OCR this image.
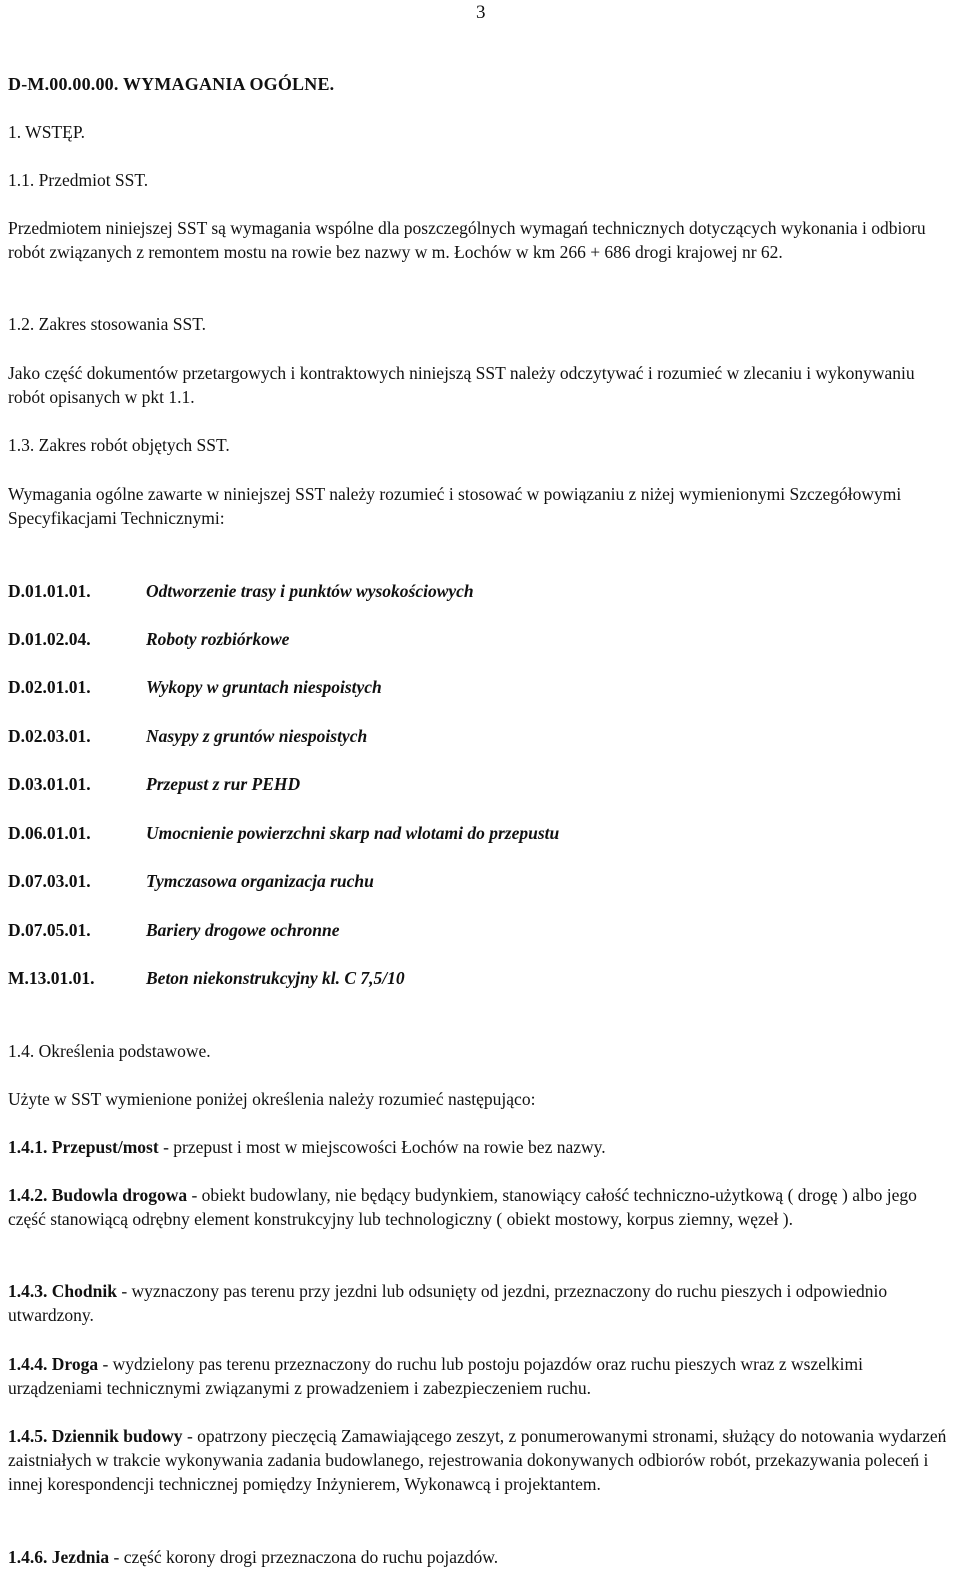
3
D-M.00.00.00. WYMAGANIA OGÓLNE.
1. WSTĘP.
1.1. Przedmiot SST.
Przedmiotem niniejszej SST są wymagania wspólne dla poszczególnych wymagań technicznych dotyczących wykonania i odbioru robót związanych z remontem mostu na rowie bez nazwy w m. Łochów w km 266 + 686 drogi krajowej nr 62.
1.2. Zakres stosowania SST.
Jako część dokumentów przetargowych i kontraktowych niniejszą SST należy odczytywać i rozumieć w zlecaniu i wykonywaniu robót opisanych w pkt 1.1.
1.3. Zakres robót objętych SST.
Wymagania ogólne zawarte w niniejszej SST należy rozumieć i stosować w powiązaniu z niżej wymienionymi Szczegółowymi Specyfikacjami Technicznymi:
D.01.01.01.	Odtworzenie trasy i punktów wysokościowych
D.01.02.04.	Roboty rozbiórkowe
D.02.01.01.	Wykopy w gruntach niespoistych
D.02.03.01.	Nasypy z gruntów niespoistych
D.03.01.01.	Przepust z rur PEHD
D.06.01.01.	Umocnienie powierzchni skarp nad wlotami do przepustu
D.07.03.01.	Tymczasowa organizacja ruchu
D.07.05.01.	Bariery drogowe ochronne
M.13.01.01.	Beton niekonstrukcyjny kl. C 7,5/10
1.4. Określenia podstawowe.
Użyte w SST wymienione poniżej określenia należy rozumieć następująco:
1.4.1. Przepust/most - przepust i most w miejscowości Łochów na rowie bez nazwy.
1.4.2. Budowla drogowa - obiekt budowlany, nie będący budynkiem, stanowiący całość techniczno-użytkową ( drogę ) albo jego część stanowiącą odrębny element konstrukcyjny lub technologiczny ( obiekt mostowy, korpus ziemny, węzeł ).
1.4.3. Chodnik - wyznaczony pas terenu przy jezdni lub odsunięty od jezdni, przeznaczony do ruchu pieszych i odpowiednio utwardzony.
1.4.4. Droga - wydzielony pas terenu przeznaczony do ruchu lub postoju pojazdów oraz ruchu pieszych wraz z wszelkimi urządzeniami technicznymi związanymi z prowadzeniem i zabezpieczeniem ruchu.
1.4.5. Dziennik budowy - opatrzony pieczęcią Zamawiającego zeszyt, z ponumerowanymi stronami, służący do notowania wydarzeń zaistniałych w trakcie wykonywania zadania budowlanego, rejestrowania dokonywanych odbiorów robót, przekazywania poleceń i innej korespondencji technicznej pomiędzy Inżynierem, Wykonawcą i projektantem.
1.4.6. Jezdnia - część korony drogi przeznaczona do ruchu pojazdów.
